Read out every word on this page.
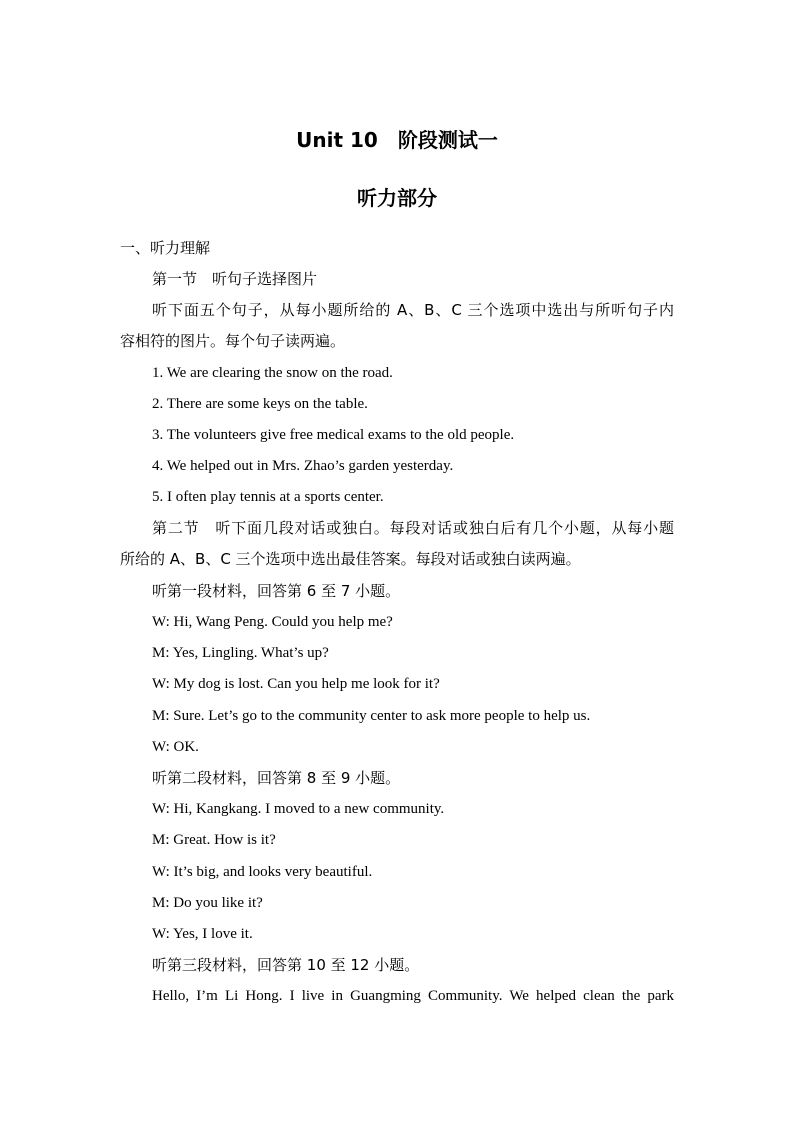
Unit 10　阶段测试一
听力部分
一、听力理解
第一节　听句子选择图片
听下面五个句子，从每小题所给的 A、B、C 三个选项中选出与所听句子内
容相符的图片。每个句子读两遍。
1. We are clearing the snow on the road.
2. There are some keys on the table.
3. The volunteers give free medical exams to the old people.
4. We helped out in Mrs. Zhao’s garden yesterday.
5. I often play tennis at a sports center.
第二节　听下面几段对话或独白。每段对话或独白后有几个小题，从每小题
所给的 A、B、C 三个选项中选出最佳答案。每段对话或独白读两遍。
听第一段材料，回答第 6 至 7 小题。
W: Hi, Wang Peng. Could you help me?
M: Yes, Lingling. What’s up?
W: My dog is lost. Can you help me look for it?
M: Sure. Let’s go to the community center to ask more people to help us.
W: OK.
听第二段材料，回答第 8 至 9 小题。
W: Hi, Kangkang. I moved to a new community.
M: Great. How is it?
W: It’s big, and looks very beautiful.
M: Do you like it?
W: Yes, I love it.
听第三段材料，回答第 10 至 12 小题。
Hello, I’m Li Hong. I live in Guangming Community. We helped clean the park
